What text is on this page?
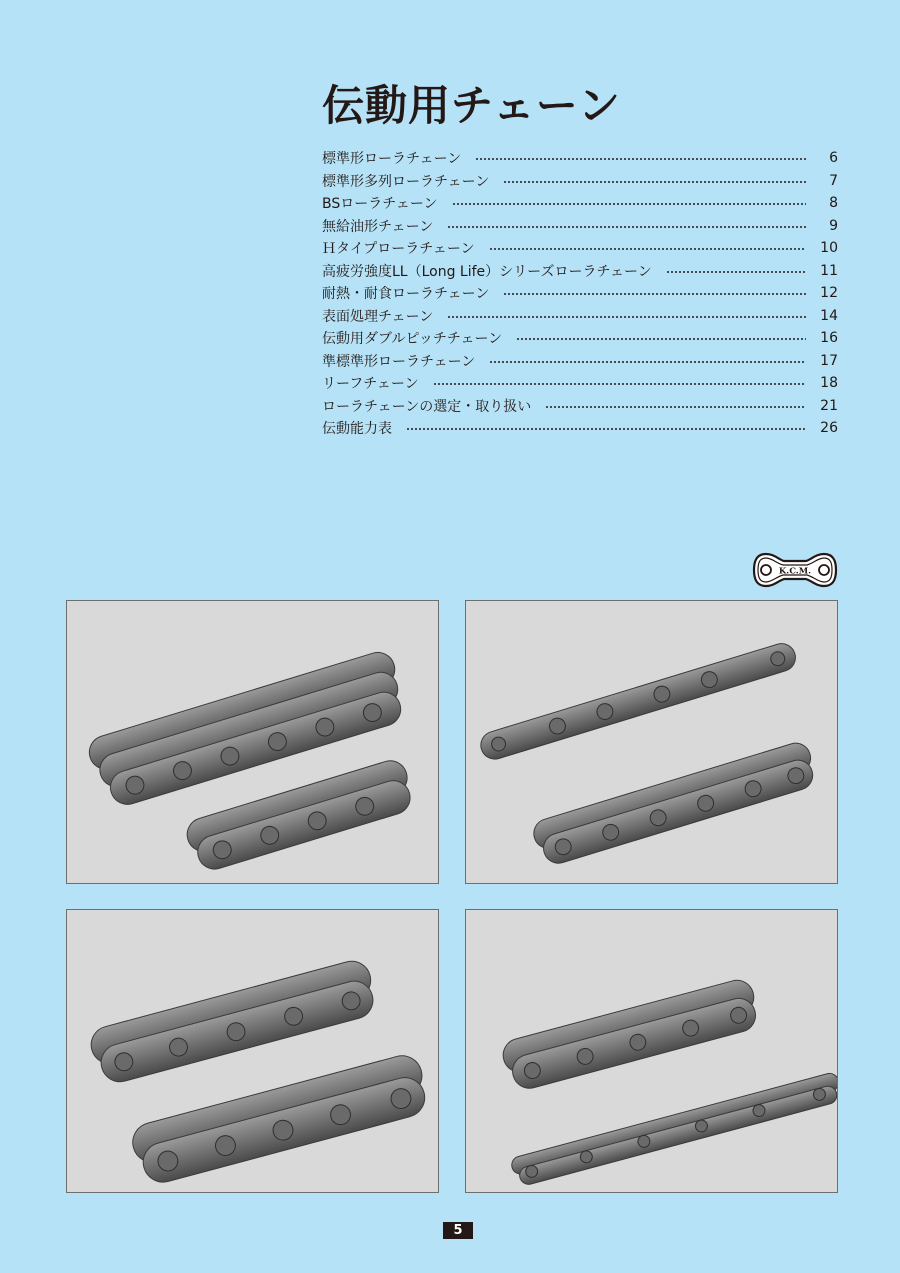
伝動用チェーン
標準形ローラチェーン	6
標準形多列ローラチェーン	7
BSローラチェーン	8
無給油形チェーン	9
Ｈタイプローラチェーン	10
高疲労強度LL（Long Life）シリーズローラチェーン	11
耐熱・耐食ローラチェーン	12
表面処理チェーン	14
伝動用ダブルピッチチェーン	16
準標準形ローラチェーン	17
リーフチェーン	18
ローラチェーンの選定・取り扱い	21
伝動能力表	26
K.C.M.
5
